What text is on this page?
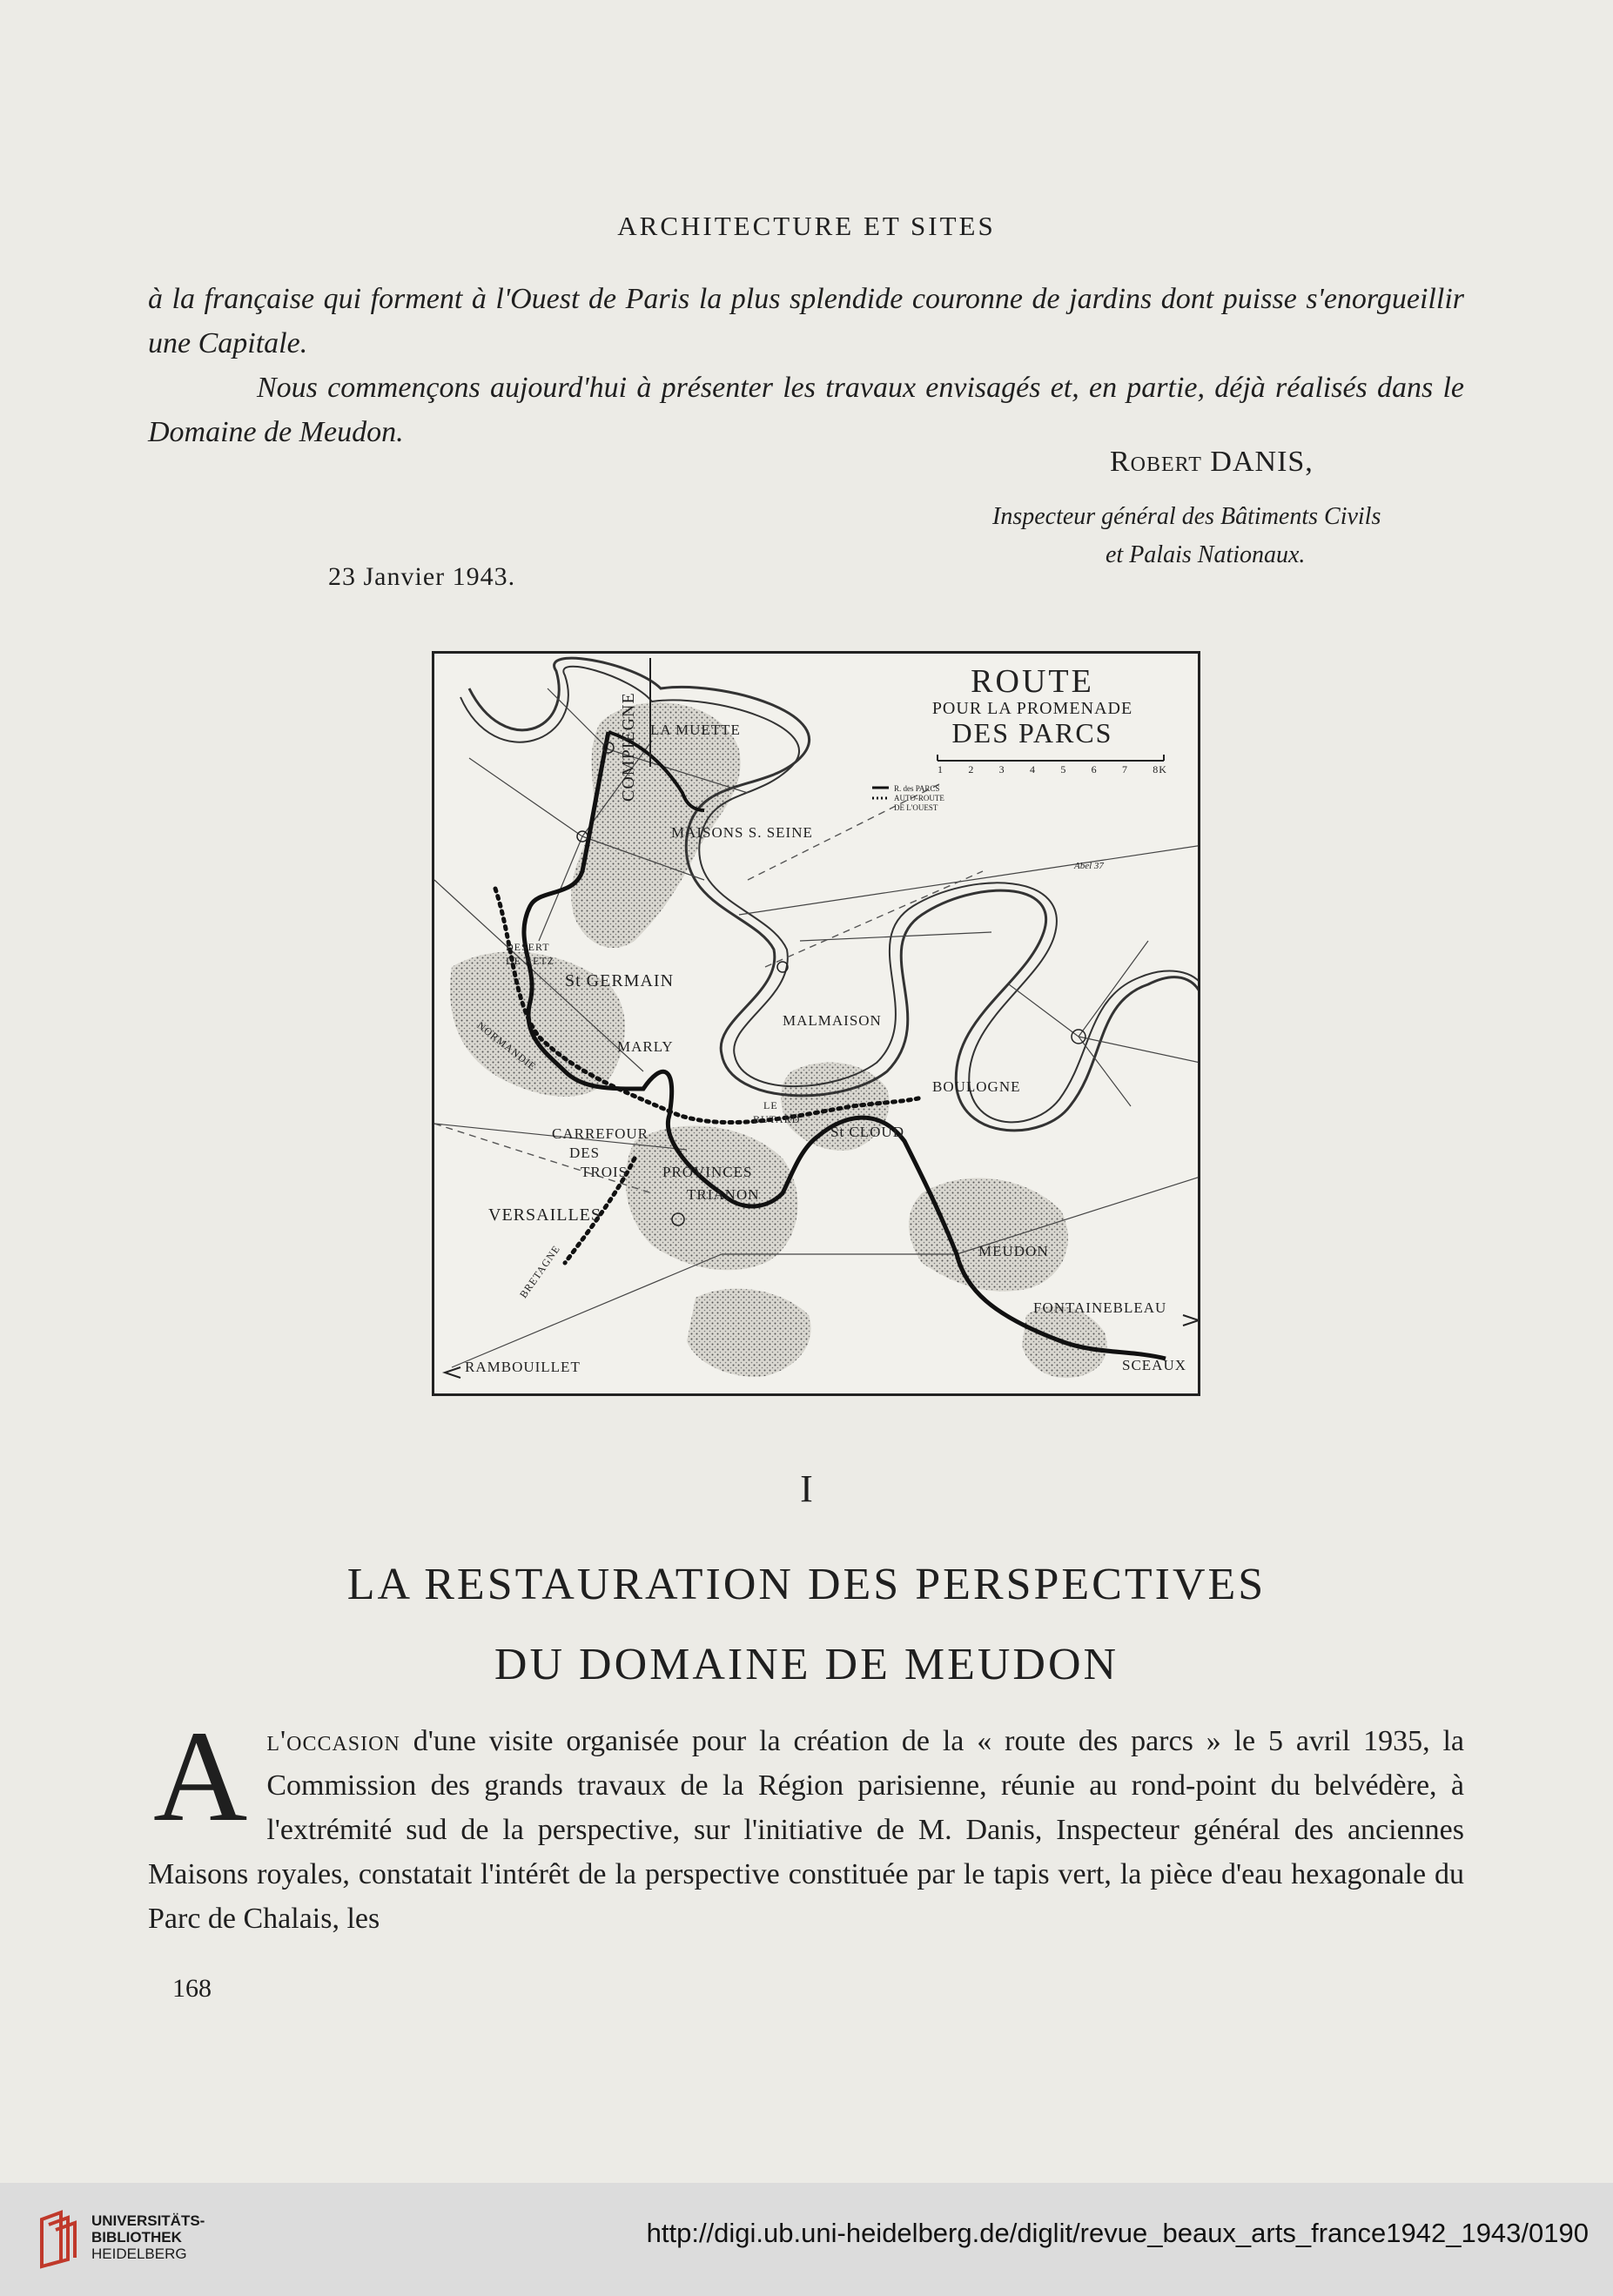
ARCHITECTURE ET SITES

à la française qui forment à l'Ouest de Paris la plus splendide couronne de jardins dont puisse s'enorgueillir une Capitale.

Nous commençons aujourd'hui à présenter les travaux envisagés et, en partie, déjà réalisés dans le Domaine de Meudon.

Robert DANIS,
Inspecteur général des Bâtiments Civils
et Palais Nationaux.
23 Janvier 1943.
ROUTE
POUR LA PROMENADE
DES PARCS
1 2 3 4 5 6 7 8K
R. des PARCS
AUTO-ROUTE
DE L'OUEST
Abel 37
COMPIEGNE LA MUETTE
MAISONS S. SEINE
DESERT
DE RETZ
St GERMAIN
MALMAISON
MARLY
BOULOGNE
NORMANDIE
LE
BUTARD
St CLOUD
CARREFOUR
DES
TROIS PROVINCES
TRIANON
VERSAILLES
BRETAGNE	MEUDON
FONTAINEBLEAU
RAMBOUILLET	SCEAUX
I
LA RESTAURATION DES PERSPECTIVES
DU DOMAINE DE MEUDON
Al'occasion d'une visite organisée pour la création de la « route des parcs » le 5 avril 1935, la Commission des grands travaux de la Région parisienne, réunie au rond-point du belvédère, à l'extrémité sud de la perspective, sur l'initiative de M. Danis, Inspecteur général des anciennes Maisons royales, constatait l'intérêt de la perspective constituée par le tapis vert, la pièce d'eau hexagonale du Parc de Chalais, les
168
UNIVERSITÄTS-
BIBLIOTHEK
HEIDELBERG
http://digi.ub.uni-heidelberg.de/diglit/revue_beaux_arts_france1942_1943/0190
